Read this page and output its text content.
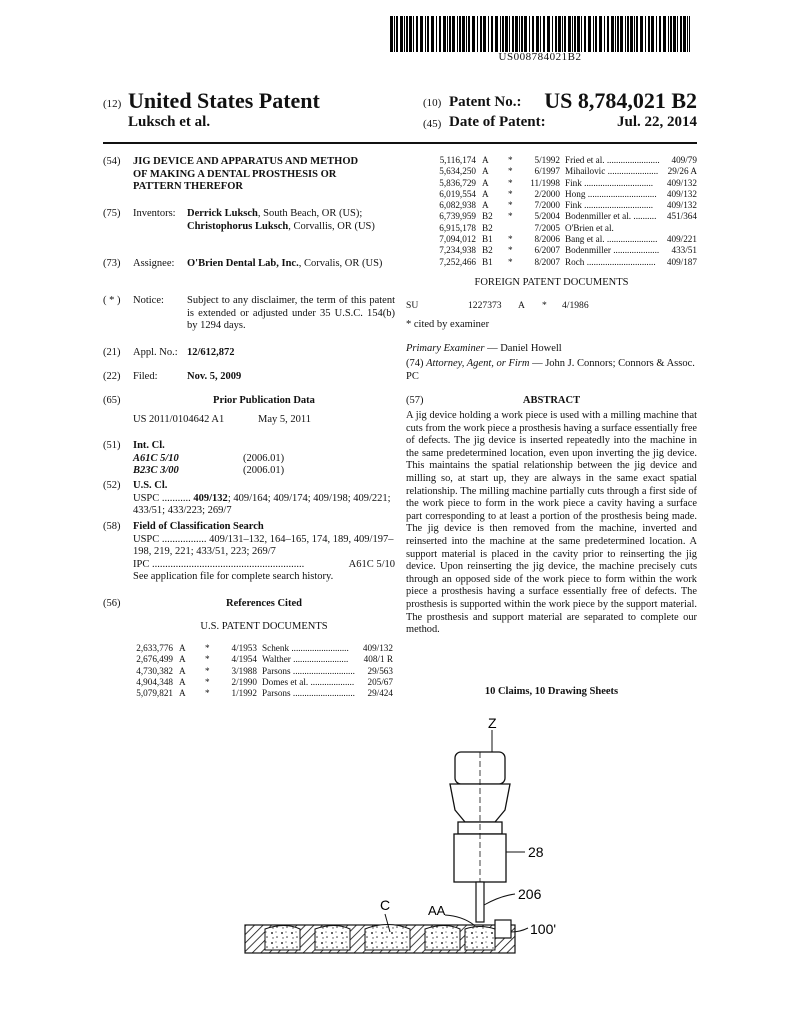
US008784021B2
(12) United States Patent
Luksch et al.
(10) Patent No.: US 8,784,021 B2
(45) Date of Patent:	Jul. 22, 2014
(54) JIG DEVICE AND APPARATUS AND METHOD OF MAKING A DENTAL PROSTHESIS OR PATTERN THEREFOR
(75) Inventors: Derrick Luksch, South Beach, OR (US); Christophorus Luksch, Corvallis, OR (US)
(73) Assignee: O'Brien Dental Lab, Inc., Corvalis, OR (US)
( * ) Notice: Subject to any disclaimer, the term of this patent is extended or adjusted under 35 U.S.C. 154(b) by 1294 days.
(21) Appl. No.: 12/612,872
(22) Filed:	Nov. 5, 2009
(65)	Prior Publication Data
US 2011/0104642 A1	May 5, 2011
(51) Int. Cl.
A61C 5/10	(2006.01)
B23C 3/00	(2006.01)
(52) U.S. Cl.
USPC ........... 409/132; 409/164; 409/174; 409/198; 409/221; 433/51; 433/223; 269/7
(58) Field of Classification Search
USPC ................. 409/131–132, 164–165, 174, 189, 409/197–198, 219, 221; 433/51, 223; 269/7
IPC
..........................................................
	A61C 5/10
See application file for complete search history.
(56)	References Cited
U.S. PATENT DOCUMENTS
2,633,776 A	*	4/1953 Schenk .........................	409/132
2,676,499 A	*	4/1954 Walther ........................	408/1 R
4,730,382 A	*	3/1988 Parsons ...........................	29/563
4,904,348 A	*	2/1990 Domes et al. ...................	205/67
5,079,821 A	*	1/1992 Parsons ...........................	29/424
5,116,174 A	*	5/1992 Fried et al. .......................	409/79
5,634,250 A	*	6/1997 Mihailovic ......................	29/26 A
5,836,729 A	*	11/1998 Fink ..............................	409/132
6,019,554 A	*	2/2000 Hong ..............................	409/132
6,082,938 A	*	7/2000 Fink ..............................	409/132
6,739,959 B2	*	5/2004 Bodenmiller et al. ..........	451/364
6,915,178 B2	7/2005 O'Brien et al.
7,094,012 B1	*	8/2006 Bang et al. ......................	409/221
7,234,938 B2	*	6/2007 Bodenmiller ....................	433/51
7,252,466 B1	*	8/2007 Roch ..............................	409/187
FOREIGN PATENT DOCUMENTS
SU	1227373 A * 4/1986
* cited by examiner
Primary Examiner — Daniel Howell
(74) Attorney, Agent, or Firm — John J. Connors; Connors & Assoc. PC
(57)	ABSTRACT
A jig device holding a work piece is used with a milling machine that cuts from the work piece a prosthesis having a surface essentially free of defects. The jig device is inserted repeatedly into the machine in the same predetermined location, even upon inverting the jig device. This maintains the spatial relationship between the jig device and milling so, at start up, they are always in the same exact spatial relationship. The milling machine partially cuts through a first side of the work piece to form in the work piece a cavity having a surface part corresponding to at least a portion of the prosthesis being made. The jig device is then removed from the machine, inverted and reinserted into the machine at the same predetermined location. A support material is placed in the cavity prior to reinserting the jig device. Upon reinserting the jig device, the machine precisely cuts through an opposed side of the work piece to form within the work piece a prosthesis having a surface essentially free of defects. The prosthesis is supported within the work piece by the support material. The prosthesis and support material are separated to complete our method.
10 Claims, 10 Drawing Sheets
Z
28
206
C	AA
100'
